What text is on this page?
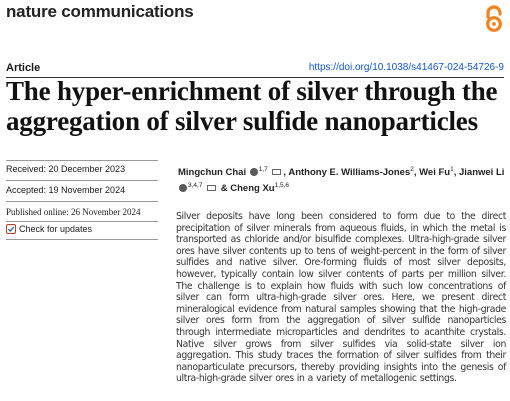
nature communications
Article	https://doi.org/10.1038/s41467-024-54726-9
The hyper-enrichment of silver through the aggregation of silver sulfide nanoparticles
Received: 20 December 2023
Accepted: 19 November 2024
Published online: 26 November 2024
Check for updates
Mingchun Chai $^{1,7}$ , Anthony E. Williams-Jones$^2$, Wei Fu$^1$, Jianwei Li $^{3,4,7}$  & Cheng Xu$^{1,5,6}$

Silver deposits have long been considered to form due to the direct precipitation of silver minerals from aqueous fluids, in which the metal is transported as chloride and/or bisulfide complexes. Ultra-high-grade silver ores have silver contents up to tens of weight-percent in the form of silver sulfides and native silver. Ore-forming fluids of most silver deposits, however, typically contain low silver contents of parts per million silver. The challenge is to explain how fluids with such low concentrations of silver can form ultra-high-grade silver ores. Here, we present direct mineralogical evidence from natural samples showing that the high-grade silver ores form from the aggregation of silver sulfide nanoparticles through intermediate microparticles and dendrites to acanthite crystals. Native silver grows from silver sulfides via solid-state silver ion aggregation. This study traces the formation of silver sulfides from their nanoparticulate precursors, thereby providing insights into the genesis of ultra-high-grade silver ores in a variety of metallogenic settings.
